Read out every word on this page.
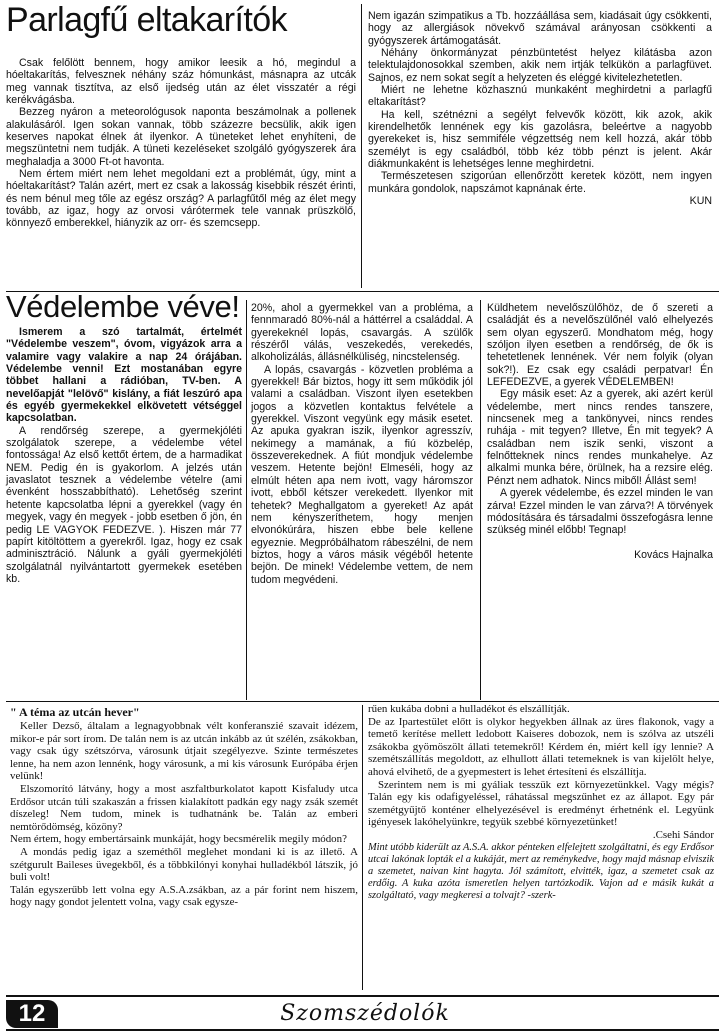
Parlagfű eltakarítók

Csak felőlött bennem, hogy amikor leesik a hó, megindul a hóeltakarítás, felvesznek néhány száz hómunkást, másnapra az utcák meg vannak tisztítva, az első ijedség után az élet visszatér a régi kerékvágásba.

Bezzeg nyáron a meteorológusok naponta beszámolnak a pollenek alakulásáról. Igen sokan vannak, több százezre becsülik, akik igen keserves napokat élnek át ilyenkor. A tüneteket lehet enyhíteni, de megszüntetni nem tudják. A tüneti kezeléseket szolgáló gyógyszerek ára meghaladja a 3000 Ft-ot havonta.

Nem értem miért nem lehet megoldani ezt a problémát, úgy, mint a hóeltakarítást? Talán azért, mert ez csak a lakosság kisebbik részét érinti, és nem bénul meg tőle az egész ország? A parlagfűtől még az élet megy tovább, az igaz, hogy az orvosi várótermek tele vannak prüszkölő, könnyező emberekkel, hiányzik az orr- és szemcsepp.

Nem igazán szimpatikus a Tb. hozzáállása sem, kiadásait úgy csökkenti, hogy az allergiások növekvő számával arányosan csökkenti a gyógyszerek ártámogatását.

Néhány önkormányzat pénzbüntetést helyez kilátásba azon telektulajdonosokkal szemben, akik nem irtják telkükön a parlagfüvet. Sajnos, ez nem sokat segít a helyzeten és eléggé kivitelezhetetlen.

Miért ne lehetne közhasznú munkaként meghirdetni a parlagfű eltakarítást?

Ha kell, szétnézni a segélyt felvevők között, kik azok, akik kirendelhetők lennének egy kis gazolásra, beleértve a nagyobb gyerekeket is, hisz semmiféle végzettség nem kell hozzá, akár több személyt is egy családból, több kéz több pénzt is jelent. Akár diákmunkaként is lehetséges lenne meghirdetni.

Természetesen szigorúan ellenőrzött keretek között, nem ingyen munkára gondolok, napszámot kapnának érte.

KUN
Védelembe véve!

Ismerem a szó tartalmát, értelmét "Védelembe veszem", óvom, vigyázok arra a valamire vagy valakire a nap 24 órájában. Védelembe venni! Ezt mostanában egyre többet hallani a rádióban, TV-ben. A nevelőapját "lelövő" kislány, a fiát leszúró apa és egyéb gyermekekkel elkövetett vétséggel kapcsolatban.

A rendőrség szerepe, a gyermekjóléti szolgálatok szerepe, a védelembe vétel fontossága! Az első kettőt értem, de a harmadikat NEM. Pedig én is gyakorlom. A jelzés után javaslatot tesznek a védelembe vételre (ami évenként hosszabbítható). Lehetőség szerint hetente kapcsolatba lépni a gyerekkel (vagy én megyek, vagy én megyek - jobb esetben ő jön, én pedig LE VAGYOK FEDEZVE. ). Hiszen már 77 papírt kitöltöttem a gyerekről. Igaz, hogy ez csak adminisztráció. Nálunk a gyáli gyermekjóléti szolgálatnál nyilvántartott gyermekek esetében kb.

20%, ahol a gyermekkel van a probléma, a fennmaradó 80%-nál a háttérrel a családdal. A gyerekeknél lopás, csavargás. A szülők részéről válás, veszekedés, verekedés, alkoholizálás, állásnélküliség, nincstelenség.

A lopás, csavargás - közvetlen probléma a gyerekkel! Bár biztos, hogy itt sem működik jól valami a családban. Viszont ilyen esetekben jogos a közvetlen kontaktus felvétele a gyerekkel. Viszont vegyünk egy másik esetet. Az apuka gyakran iszik, ilyenkor agresszív, nekimegy a mamának, a fiú közbelép, összeverekednek. A fiút mondjuk védelembe veszem. Hetente bejön! Elmeséli, hogy az elmúlt héten apa nem ivott, vagy háromszor ivott, ebből kétszer verekedett. Ilyenkor mit tehetek? Meghallgatom a gyereket! Az apát nem kényszeríthetem, hogy menjen elvonókúrára, hiszen ebbe bele kellene egyeznie. Megpróbálhatom rábeszélni, de nem biztos, hogy a város másik végéből hetente bejön. De minek! Védelembe vettem, de nem tudom megvédeni.

Küldhetem nevelőszülőhöz, de ő szereti a családját és a nevelőszülőnél való elhelyezés sem olyan egyszerű. Mondhatom még, hogy szóljon ilyen esetben a rendőrség, de ők is tehetetlenek lennének. Vér nem folyik (olyan sok?!). Ez csak egy családi perpatvar! Én LEFEDEZVE, a gyerek VÉDELEMBEN!

Egy másik eset: Az a gyerek, aki azért kerül védelembe, mert nincs rendes tanszere, nincsenek meg a tankönyvei, nincs rendes ruhája - mit tegyen? Illetve, Én mit tegyek? A családban nem iszik senki, viszont a felnőtteknek nincs rendes munkahelye. Az alkalmi munka bére, örülnek, ha a rezsire elég. Pénzt nem adhatok. Nincs miből! Állást sem!

A gyerek védelembe, és ezzel minden le van zárva! Ezzel minden le van zárva?! A törvények módosítására és társadalmi összefogásra lenne szükség minél előbb! Tegnap!

Kovács Hajnalka
" A téma az utcán hever"

Keller Dezső, általam a legnagyobbnak vélt konferanszié szavait idézem, mikor-e pár sort írom. De talán nem is az utcán inkább az út szélén, zsákokban, vagy csak úgy szétszórva, városunk útjait szegélyezve. Szinte természetes lenne, ha nem azon lennénk, hogy városunk, a mi kis városunk Európába érjen velünk!

Elszomorító látvány, hogy a most aszfaltburkolatot kapott Kisfaludy utca Erdősor utcán túli szakaszán a frissen kialakított padkán egy nagy zsák szemét díszeleg! Nem tudom, minek is tudhatnánk be. Talán az emberi nemtörődömség, közöny?

Nem értem, hogy embertársaink munkáját, hogy becsmérelik megily módon?

A mondás pedig igaz a szeméthől meglehet mondani ki is az illető. A szétgurult Baileses üvegekből, és a többkilónyi konyhai hulladékból látszik, jó buli volt!

Talán egyszerűbb lett volna egy A.S.A.zsákban, az a pár forint nem hiszem, hogy nagy gondot jelentett volna, vagy csak egysze-

rűen kukába dobni a hulladékot és elszállítják.

De az Ipartestület előtt is olykor hegyekben állnak az üres flakonok, vagy a temető kerítése mellett ledobott Kaiseres dobozok, nem is szólva az utszéli zsákokba gyömöszölt állati tetemekről! Kérdem én, miért kell így lennie? A szemétszállítás megoldott, az elhullott állati tetemeknek is van kijelölt helye, ahová elvihető, de a gyepmestert is lehet értesíteni és elszállítja.

Szerintem nem is mi gyáliak tesszük ezt környezetünkkel. Vagy mégis? Talán egy kis odafigyeléssel, ráhatással megszűnhet ez az állapot. Egy pár szemétgyűjtő konténer elhelyezésével is eredményt érhetnénk el. Legyünk igényesek lakóhelyünkre, tegyük szebbé környezetünket!

.Csehi Sándor

Mint utóbb kiderült az A.S.A. akkor pénteken elfelejtett szolgáltatni, és egy Erdősor utcai lakónak lopták el a kukáját, mert az reménykedve, hogy majd másnap elviszik a szemetet, naivan kint hagyta. Jól számított, elvitték, igaz, a szemetet csak az erdőig. A kuka azóta ismeretlen helyen tartózkodik. Vajon ad e másik kukát a szolgáltató, vagy megkeresi a tolvajt? -szerk-

12	Szomszédolók
